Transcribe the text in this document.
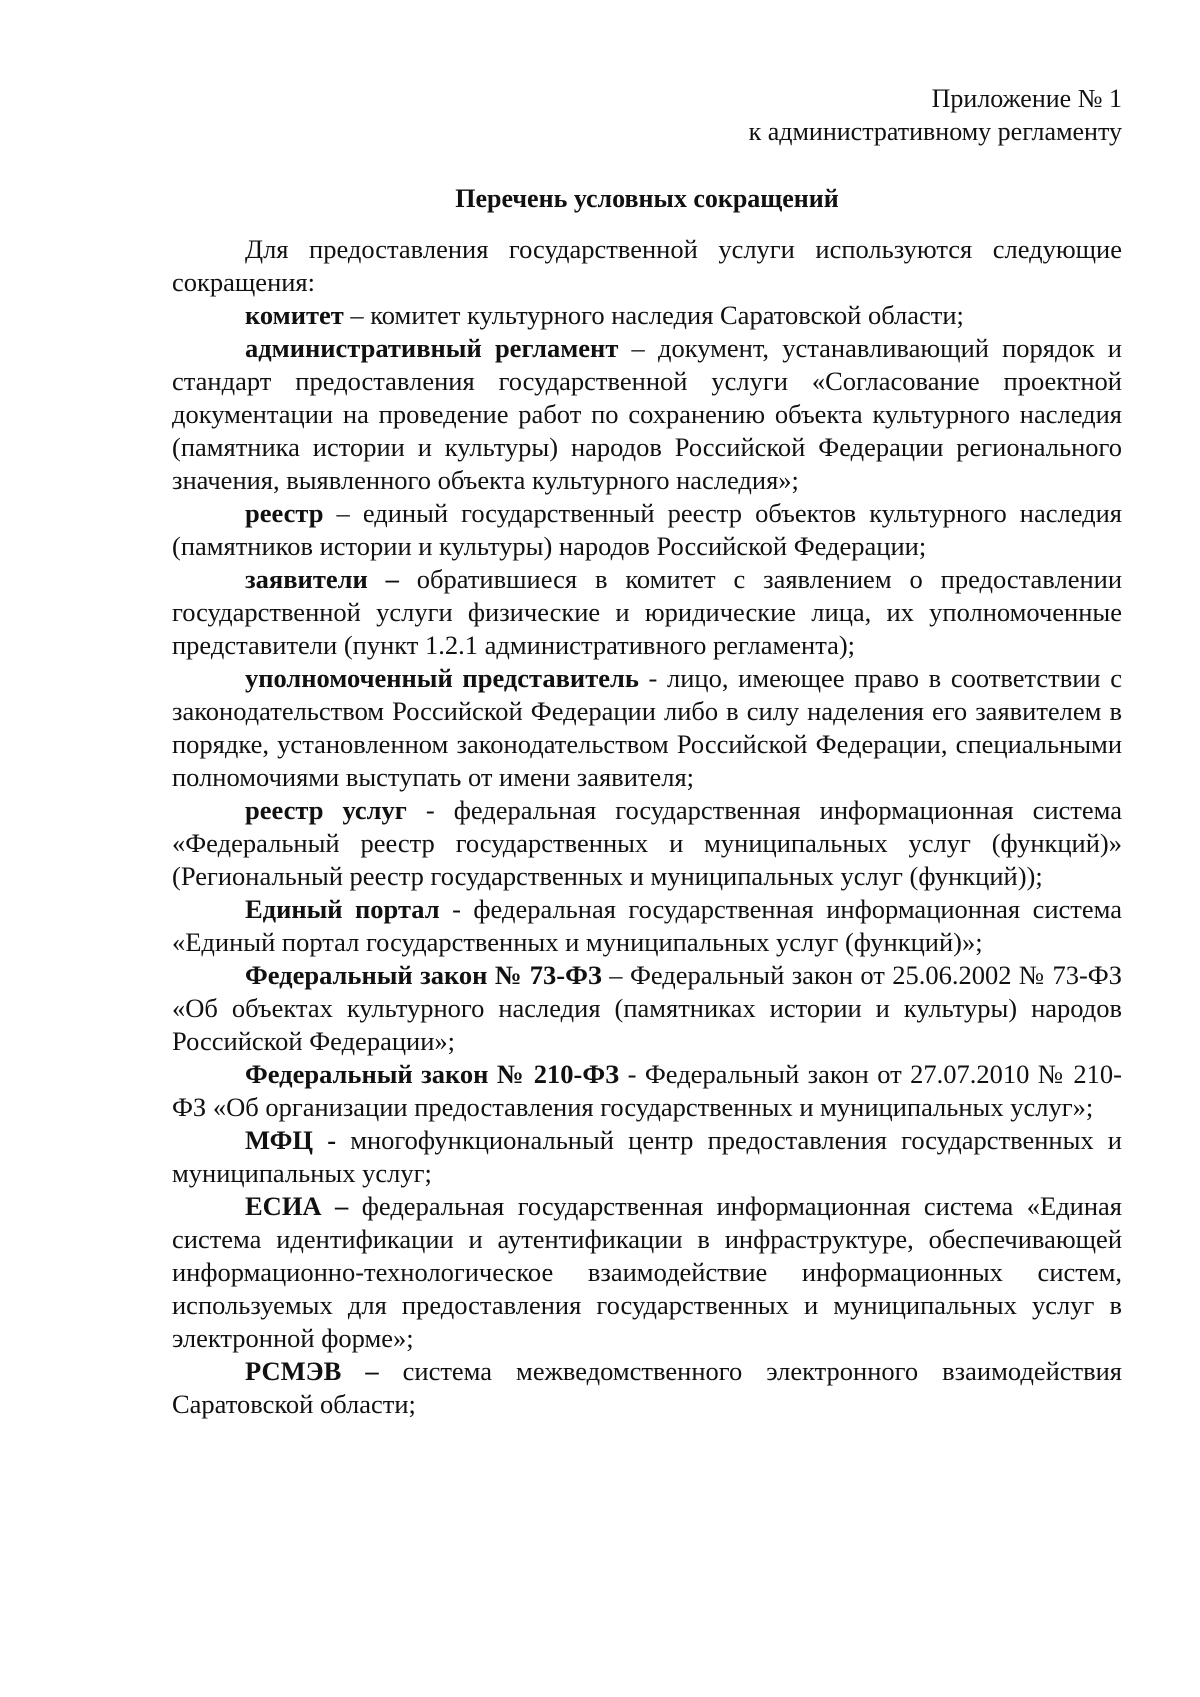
Приложение № 1
к административному регламенту
Перечень условных сокращений

Для предоставления государственной услуги используются следующие сокращения:

комитет – комитет культурного наследия Саратовской области;

административный регламент – документ, устанавливающий порядок и стандарт предоставления государственной услуги «Согласование проектной документации на проведение работ по сохранению объекта культурного наследия (памятника истории и культуры) народов Российской Федерации регионального значения, выявленного объекта культурного наследия»;

реестр – единый государственный реестр объектов культурного наследия (памятников истории и культуры) народов Российской Федерации;

заявители – обратившиеся в комитет с заявлением о предоставлении государственной услуги физические и юридические лица, их уполномоченные представители (пункт 1.2.1 административного регламента);

уполномоченный представитель - лицо, имеющее право в соответствии с законодательством Российской Федерации либо в силу наделения его заявителем в порядке, установленном законодательством Российской Федерации, специальными полномочиями выступать от имени заявителя;

реестр услуг - федеральная государственная информационная система «Федеральный реестр государственных и муниципальных услуг (функций)» (Региональный реестр государственных и муниципальных услуг (функций));

Единый портал - федеральная государственная информационная система «Единый портал государственных и муниципальных услуг (функций)»;

Федеральный закон № 73-ФЗ – Федеральный закон от 25.06.2002 № 73-ФЗ «Об объектах культурного наследия (памятниках истории и культуры) народов Российской Федерации»;

Федеральный закон № 210-ФЗ - Федеральный закон от 27.07.2010 № 210-ФЗ «Об организации предоставления государственных и муниципальных услуг»;

МФЦ - многофункциональный центр предоставления государственных и муниципальных услуг;

ЕСИА – федеральная государственная информационная система «Единая система идентификации и аутентификации в инфраструктуре, обеспечивающей информационно-технологическое взаимодействие информационных систем, используемых для предоставления государственных и муниципальных услуг в электронной форме»;

РСМЭВ – система межведомственного электронного взаимодействия Саратовской области;
